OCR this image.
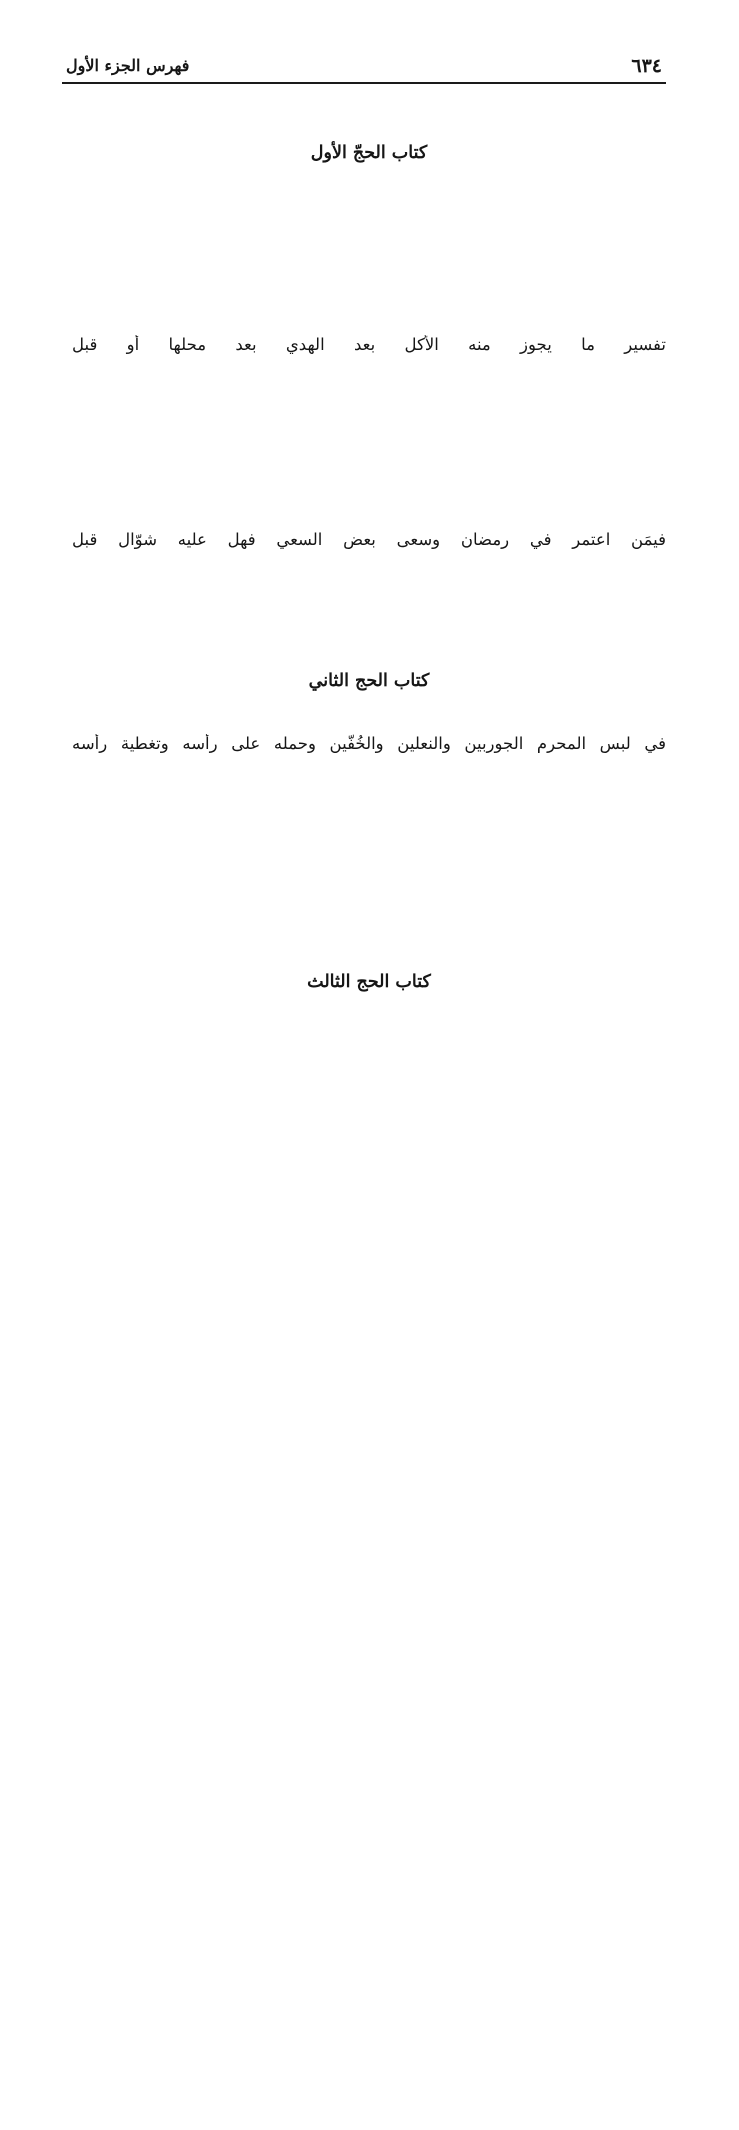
٦٣٤
فهرس الجزء الأول
كتاب الحجّ الأول
تفسير ما يجوز منه الأكل بعد الهدي بعد محلها أو قبل
فيمَن اعتمر في رمضان وسعى بعض السعي فهل عليه شوّال قبل
كتاب الحج الثاني
في لبس المحرم الجوربين والنعلين والخُفّين وحمله على رأسه وتغطية رأسه
كتاب الحج الثالث
